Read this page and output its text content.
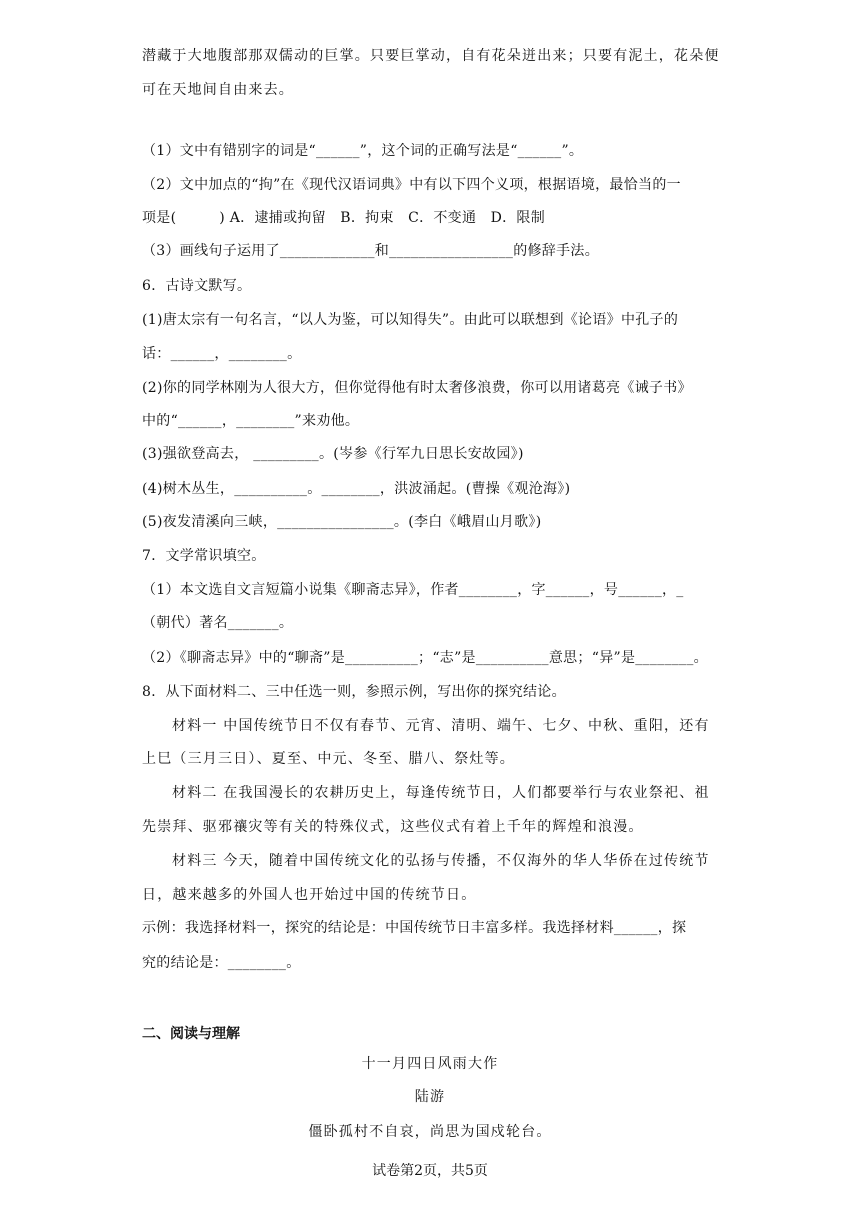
潜藏于大地腹部那双儒动的巨掌。只要巨掌动，自有花朵迸出来；只要有泥土，花朵便
可在天地间自由来去。
（1）文中有错别字的词是“______”，这个词的正确写法是“______”。
（2）文中加点的“拘”在《现代汉语词典》中有以下四个义项，根据语境，最恰当的一
项是(　　　) A．逮捕或拘留　B．拘束　C．不变通　D．限制
（3）画线句子运用了_____________和_________________的修辞手法。
6．古诗文默写。
(1)唐太宗有一句名言，“以人为鉴，可以知得失”。由此可以联想到《论语》中孔子的
话：______，________。
(2)你的同学林刚为人很大方，但你觉得他有时太奢侈浪费，你可以用诸葛亮《诫子书》
中的“______，________”来劝他。
(3)强欲登高去， _________。(岑参《行军九日思长安故园》)
(4)树木丛生，__________。________，洪波涌起。(曹操《观沧海》)
(5)夜发清溪向三峡，________________。(李白《峨眉山月歌》)
7．文学常识填空。
（1）本文选自文言短篇小说集《聊斋志异》，作者________，字______，号______，_
（朝代）著名_______。
（2）《聊斋志异》中的“聊斋”是__________；“志”是__________意思；“异”是________。
8．从下面材料二、三中任选一则，参照示例，写出你的探究结论。
材料一 中国传统节日不仅有春节、元宵、清明、端午、七夕、中秋、重阳，还有
上巳（三月三日）、夏至、中元、冬至、腊八、祭灶等。
材料二 在我国漫长的农耕历史上，每逢传统节日，人们都要举行与农业祭祀、祖
先崇拜、驱邪禳灾等有关的特殊仪式，这些仪式有着上千年的辉煌和浪漫。
材料三 今天，随着中国传统文化的弘扬与传播，不仅海外的华人华侨在过传统节
日，越来越多的外国人也开始过中国的传统节日。
示例：我选择材料一，探究的结论是：中国传统节日丰富多样。我选择材料______，探
究的结论是：________。
二、阅读与理解
十一月四日风雨大作
陆游
僵卧孤村不自哀，尚思为国戍轮台。
试卷第2页，共5页
